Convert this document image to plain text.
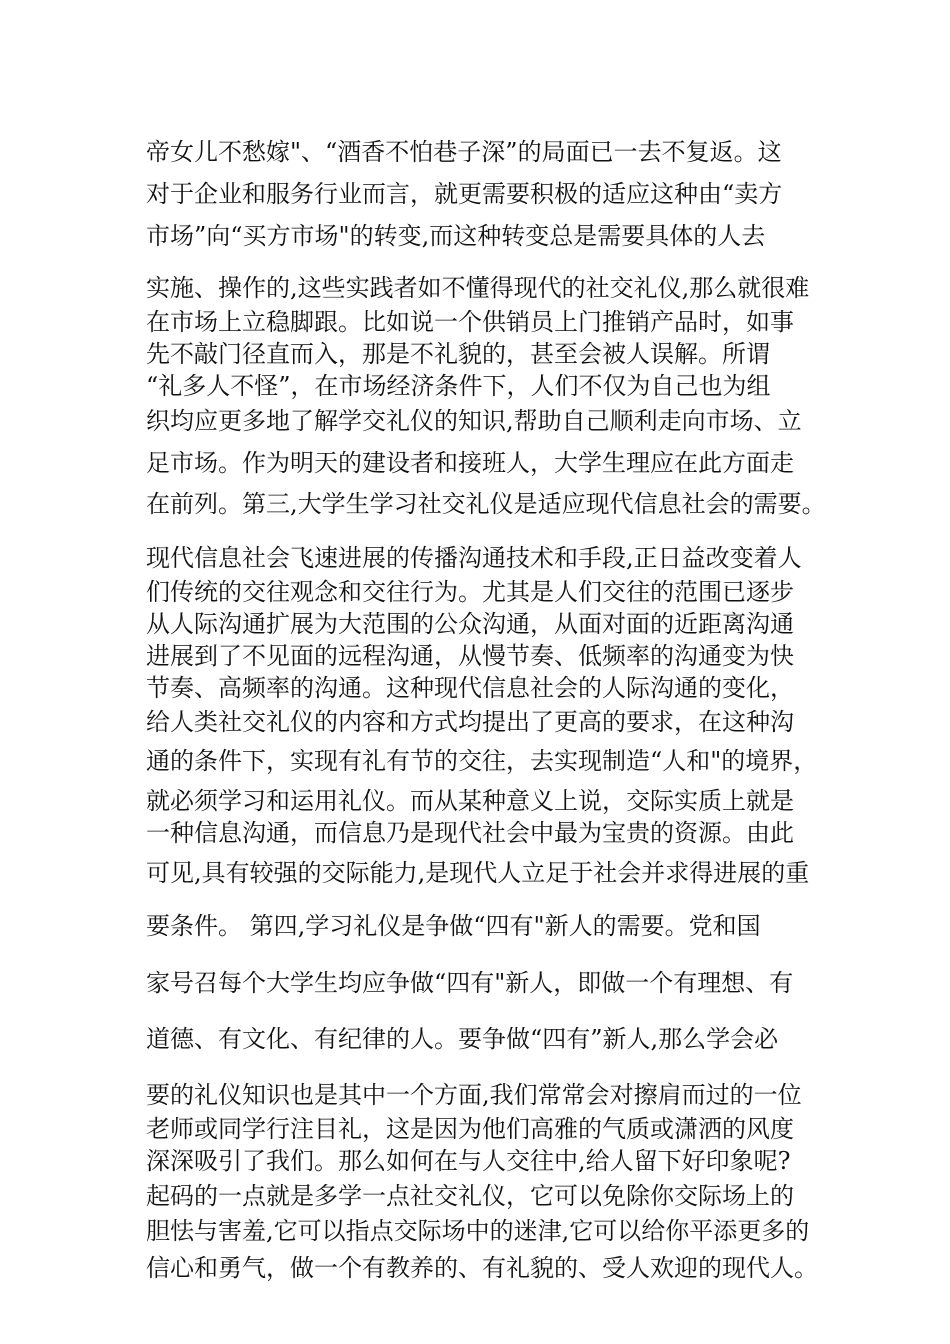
帝女儿不愁嫁"、“酒香不怕巷子深”的局面已一去不复返。这
对于企业和服务行业而言，就更需要积极的适应这种由“卖方
市场”向“买方市场"的转变,而这种转变总是需要具体的人去
实施、操作的,这些实践者如不懂得现代的社交礼仪,那么就很难
在市场上立稳脚跟。比如说一个供销员上门推销产品时，如事
先不敲门径直而入，那是不礼貌的，甚至会被人误解。所谓
“礼多人不怪”，在市场经济条件下，人们不仅为自己也为组
织均应更多地了解学交礼仪的知识,帮助自己顺利走向市场、立
足市场。作为明天的建设者和接班人，大学生理应在此方面走
在前列。第三,大学生学习社交礼仪是适应现代信息社会的需要。
现代信息社会飞速进展的传播沟通技术和手段,正日益改变着人
们传统的交往观念和交往行为。尤其是人们交往的范围已逐步
从人际沟通扩展为大范围的公众沟通，从面对面的近距离沟通
进展到了不见面的远程沟通，从慢节奏、低频率的沟通变为快
节奏、高频率的沟通。这种现代信息社会的人际沟通的变化，
给人类社交礼仪的内容和方式均提出了更高的要求，在这种沟
通的条件下，实现有礼有节的交往，去实现制造“人和"的境界，
就必须学习和运用礼仪。而从某种意义上说，交际实质上就是
一种信息沟通，而信息乃是现代社会中最为宝贵的资源。由此
可见,具有较强的交际能力,是现代人立足于社会并求得进展的重
要条件。 第四,学习礼仪是争做“四有"新人的需要。党和国
家号召每个大学生均应争做“四有"新人，即做一个有理想、有
道德、有文化、有纪律的人。要争做“四有”新人,那么学会必
要的礼仪知识也是其中一个方面,我们常常会对擦肩而过的一位
老师或同学行注目礼，这是因为他们高雅的气质或潇洒的风度
深深吸引了我们。那么如何在与人交往中,给人留下好印象呢?
起码的一点就是多学一点社交礼仪，它可以免除你交际场上的
胆怯与害羞,它可以指点交际场中的迷津,它可以给你平添更多的
信心和勇气，做一个有教养的、有礼貌的、受人欢迎的现代人。
